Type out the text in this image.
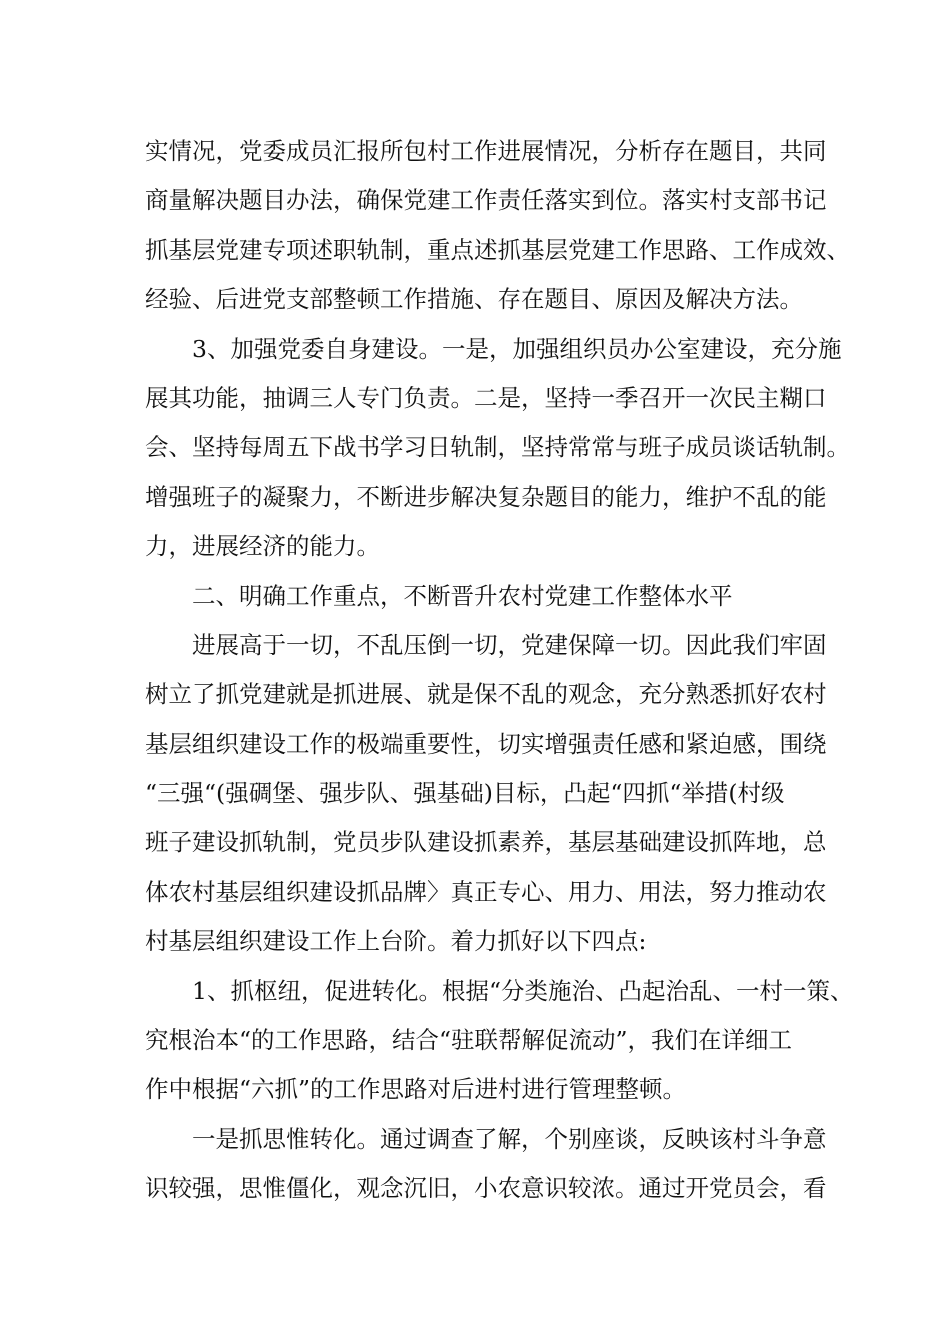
实情况，党委成员汇报所包村工作进展情况，分析存在题目，共同
商量解决题目办法，确保党建工作责任落实到位。落实村支部书记
抓基层党建专项述职轨制，重点述抓基层党建工作思路、工作成效、
经验、后进党支部整顿工作措施、存在题目、原因及解决方法。
3、加强党委自身建设。一是，加强组织员办公室建设，充分施
展其功能，抽调三人专门负责。二是，坚持一季召开一次民主糊口
会、坚持每周五下战书学习日轨制，坚持常常与班子成员谈话轨制。
增强班子的凝聚力，不断进步解决复杂题目的能力，维护不乱的能
力，进展经济的能力。
二、明确工作重点，不断晋升农村党建工作整体水平
进展高于一切，不乱压倒一切，党建保障一切。因此我们牢固
树立了抓党建就是抓进展、就是保不乱的观念，充分熟悉抓好农村
基层组织建设工作的极端重要性，切实增强责任感和紧迫感，围绕
“三强“(强碉堡、强步队、强基础)目标，凸起“四抓“举措(村级
班子建设抓轨制，党员步队建设抓素养，基层基础建设抓阵地，总
体农村基层组织建设抓品牌〉真正专心、用力、用法，努力推动农
村基层组织建设工作上台阶。着力抓好以下四点:
1、抓枢纽，促进转化。根据“分类施治、凸起治乱、一村一策、
究根治本“的工作思路，结合“驻联帮解促流动”，我们在详细工
作中根据“六抓”的工作思路对后进村进行管理整顿。
一是抓思惟转化。通过调查了解，个别座谈，反映该村斗争意
识较强，思惟僵化，观念沉旧，小农意识较浓。通过开党员会，看
